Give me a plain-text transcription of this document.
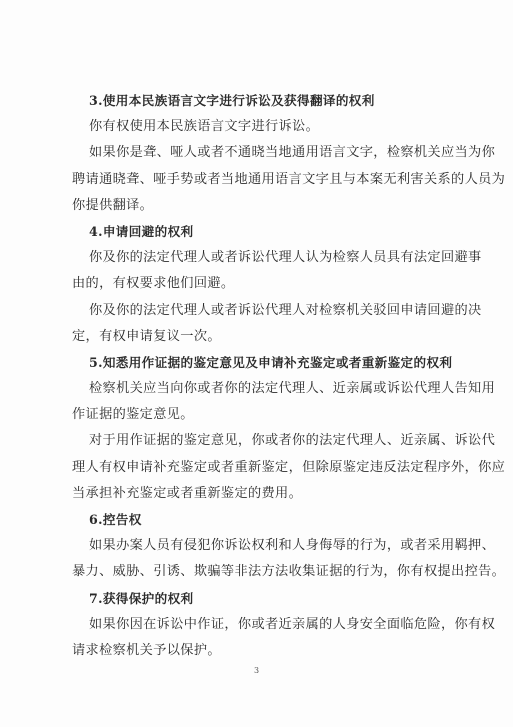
3.使用本民族语言文字进行诉讼及获得翻译的权利
你有权使用本民族语言文字进行诉讼。
如果你是聋、哑人或者不通晓当地通用语言文字，检察机关应当为你
聘请通晓聋、哑手势或者当地通用语言文字且与本案无利害关系的人员为
你提供翻译。
4.申请回避的权利
你及你的法定代理人或者诉讼代理人认为检察人员具有法定回避事
由的，有权要求他们回避。
你及你的法定代理人或者诉讼代理人对检察机关驳回申请回避的决
定，有权申请复议一次。
5.知悉用作证据的鉴定意见及申请补充鉴定或者重新鉴定的权利
检察机关应当向你或者你的法定代理人、近亲属或诉讼代理人告知用
作证据的鉴定意见。
对于用作证据的鉴定意见，你或者你的法定代理人、近亲属、诉讼代
理人有权申请补充鉴定或者重新鉴定，但除原鉴定违反法定程序外，你应
当承担补充鉴定或者重新鉴定的费用。
6.控告权
如果办案人员有侵犯你诉讼权利和人身侮辱的行为，或者采用羁押、
暴力、威胁、引诱、欺骗等非法方法收集证据的行为，你有权提出控告。
7.获得保护的权利
如果你因在诉讼中作证，你或者近亲属的人身安全面临危险，你有权
请求检察机关予以保护。
3
